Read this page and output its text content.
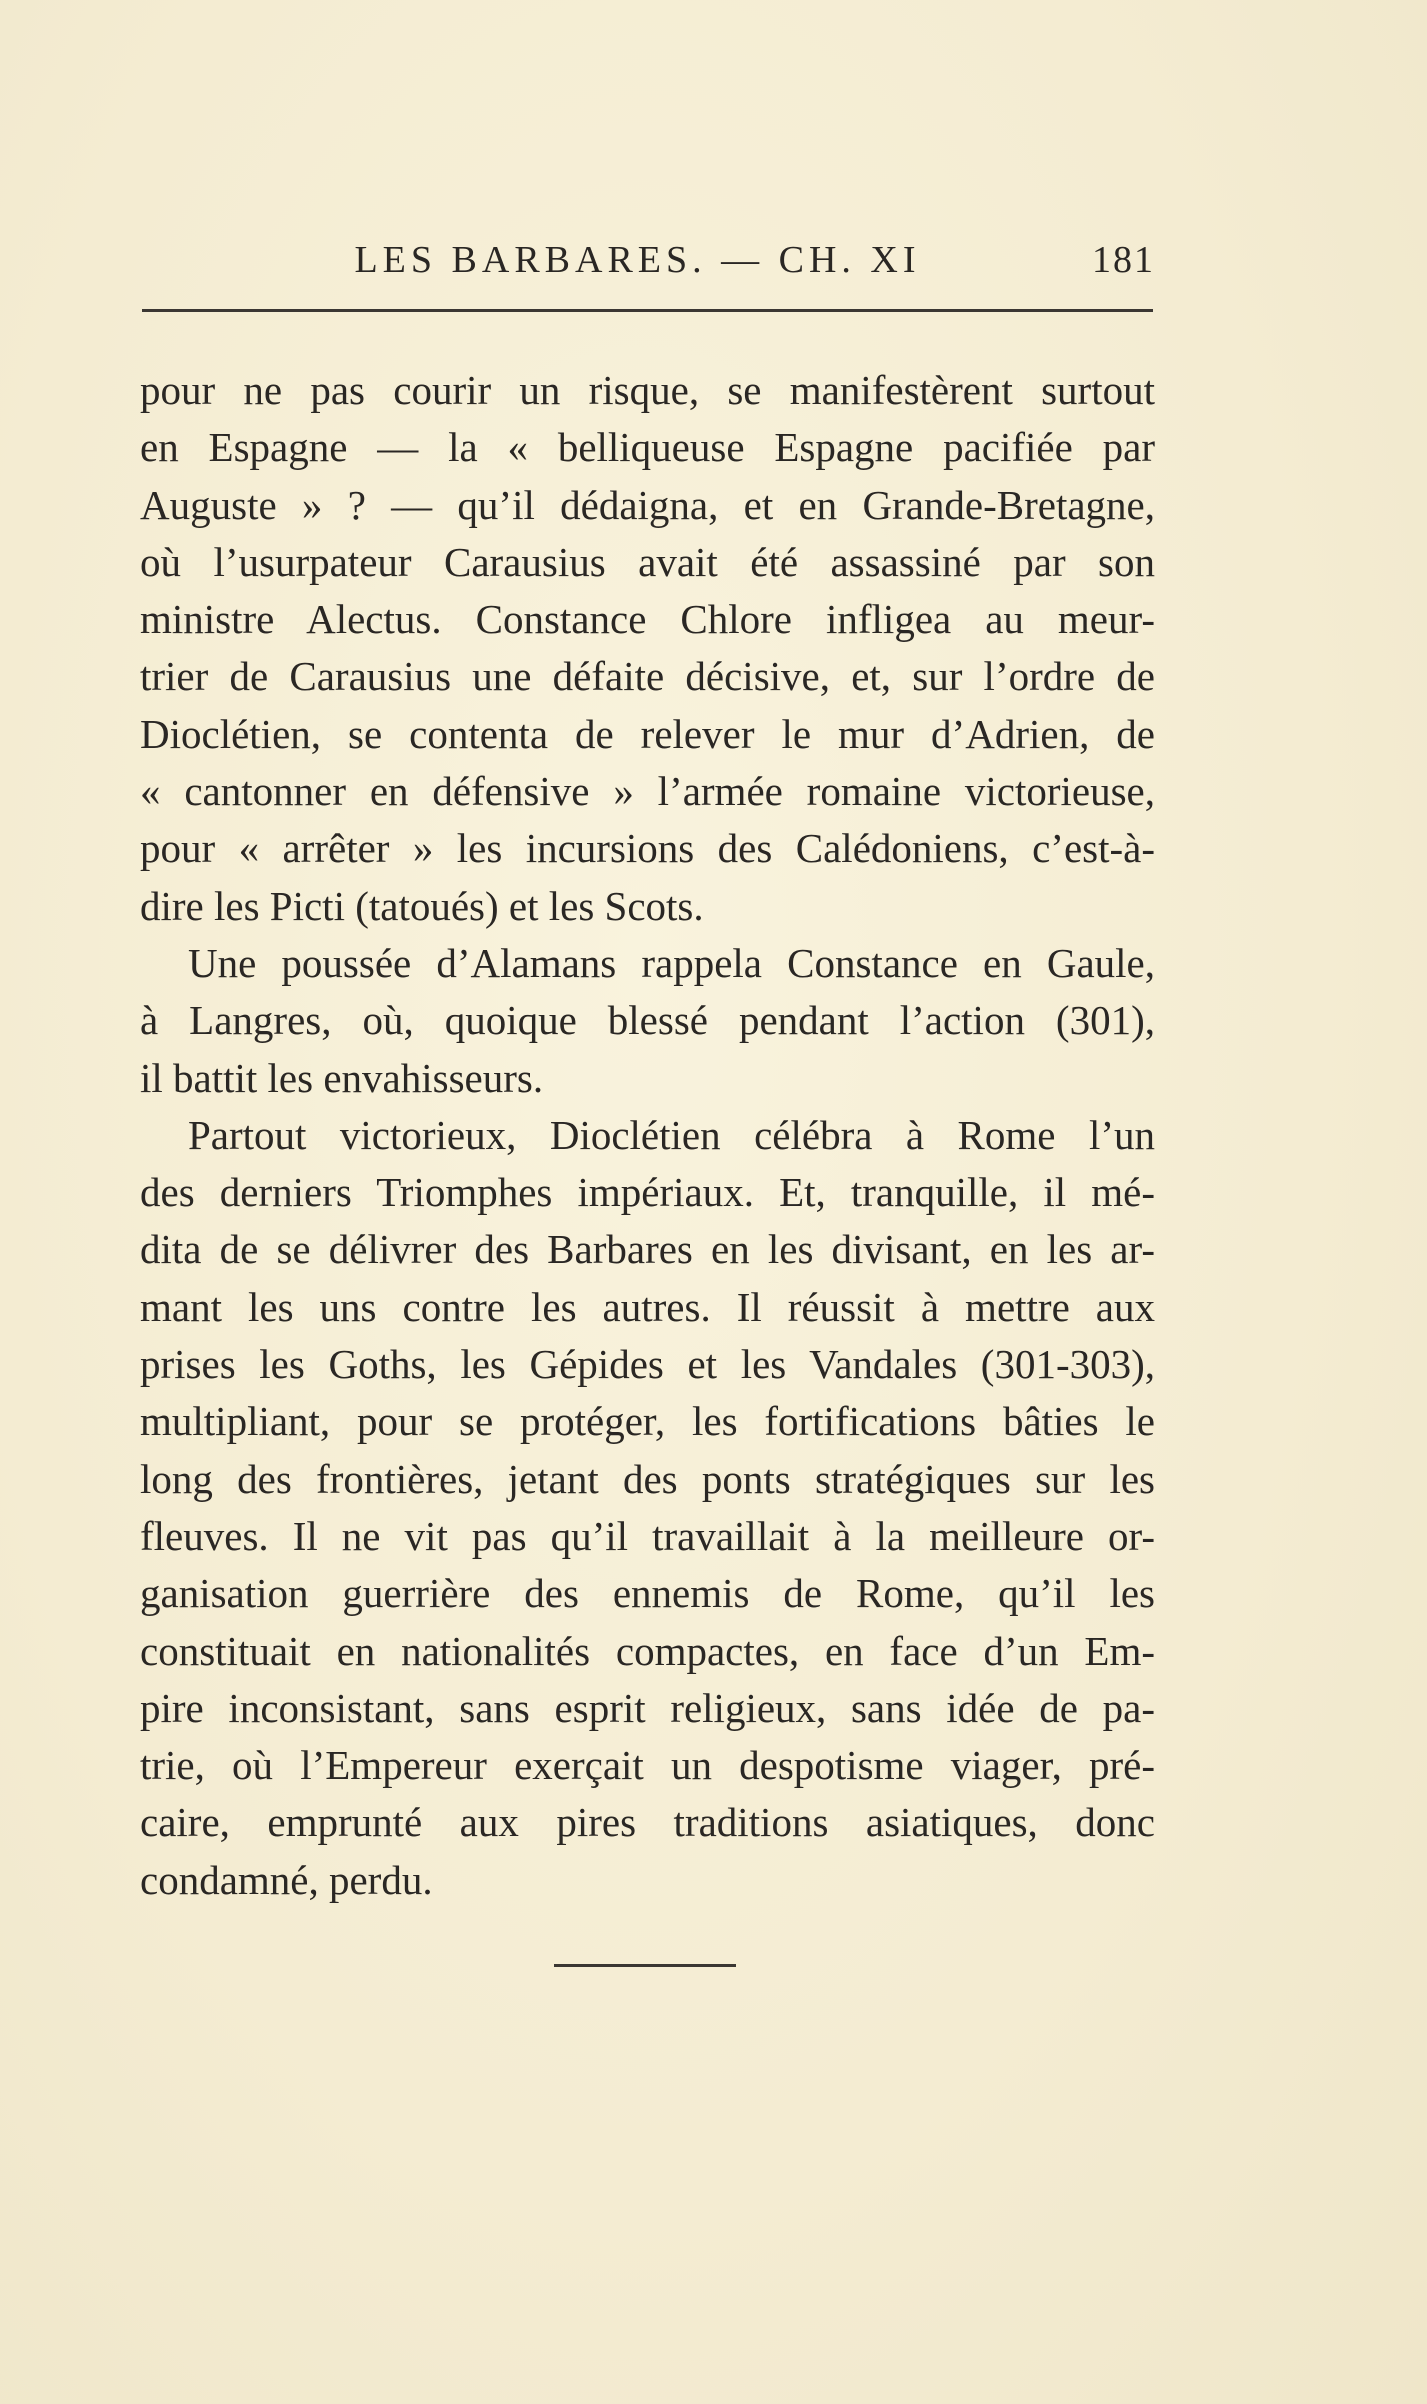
LES BARBARES. — CH. XI	181
pour ne pas courir un risque, se manifestèrent surtout
en Espagne — la « belliqueuse Espagne pacifiée par
Auguste » ? — qu’il dédaigna, et en Grande-Bretagne,
où l’usurpateur Carausius avait été assassiné par son
ministre Alectus. Constance Chlore infligea au meur-
trier de Carausius une défaite décisive, et, sur l’ordre de
Dioclétien, se contenta de relever le mur d’Adrien, de
« cantonner en défensive » l’armée romaine victorieuse,
pour « arrêter » les incursions des Calédoniens, c’est-à-
dire les Picti (tatoués) et les Scots.
Une poussée d’Alamans rappela Constance en Gaule,
à Langres, où, quoique blessé pendant l’action (301),
il battit les envahisseurs.
Partout victorieux, Dioclétien célébra à Rome l’un
des derniers Triomphes impériaux. Et, tranquille, il mé-
dita de se délivrer des Barbares en les divisant, en les ar-
mant les uns contre les autres. Il réussit à mettre aux
prises les Goths, les Gépides et les Vandales (301-303),
multipliant, pour se protéger, les fortifications bâties le
long des frontières, jetant des ponts stratégiques sur les
fleuves. Il ne vit pas qu’il travaillait à la meilleure or-
ganisation guerrière des ennemis de Rome, qu’il les
constituait en nationalités compactes, en face d’un Em-
pire inconsistant, sans esprit religieux, sans idée de pa-
trie, où l’Empereur exerçait un despotisme viager, pré-
caire, emprunté aux pires traditions asiatiques, donc
condamné, perdu.
